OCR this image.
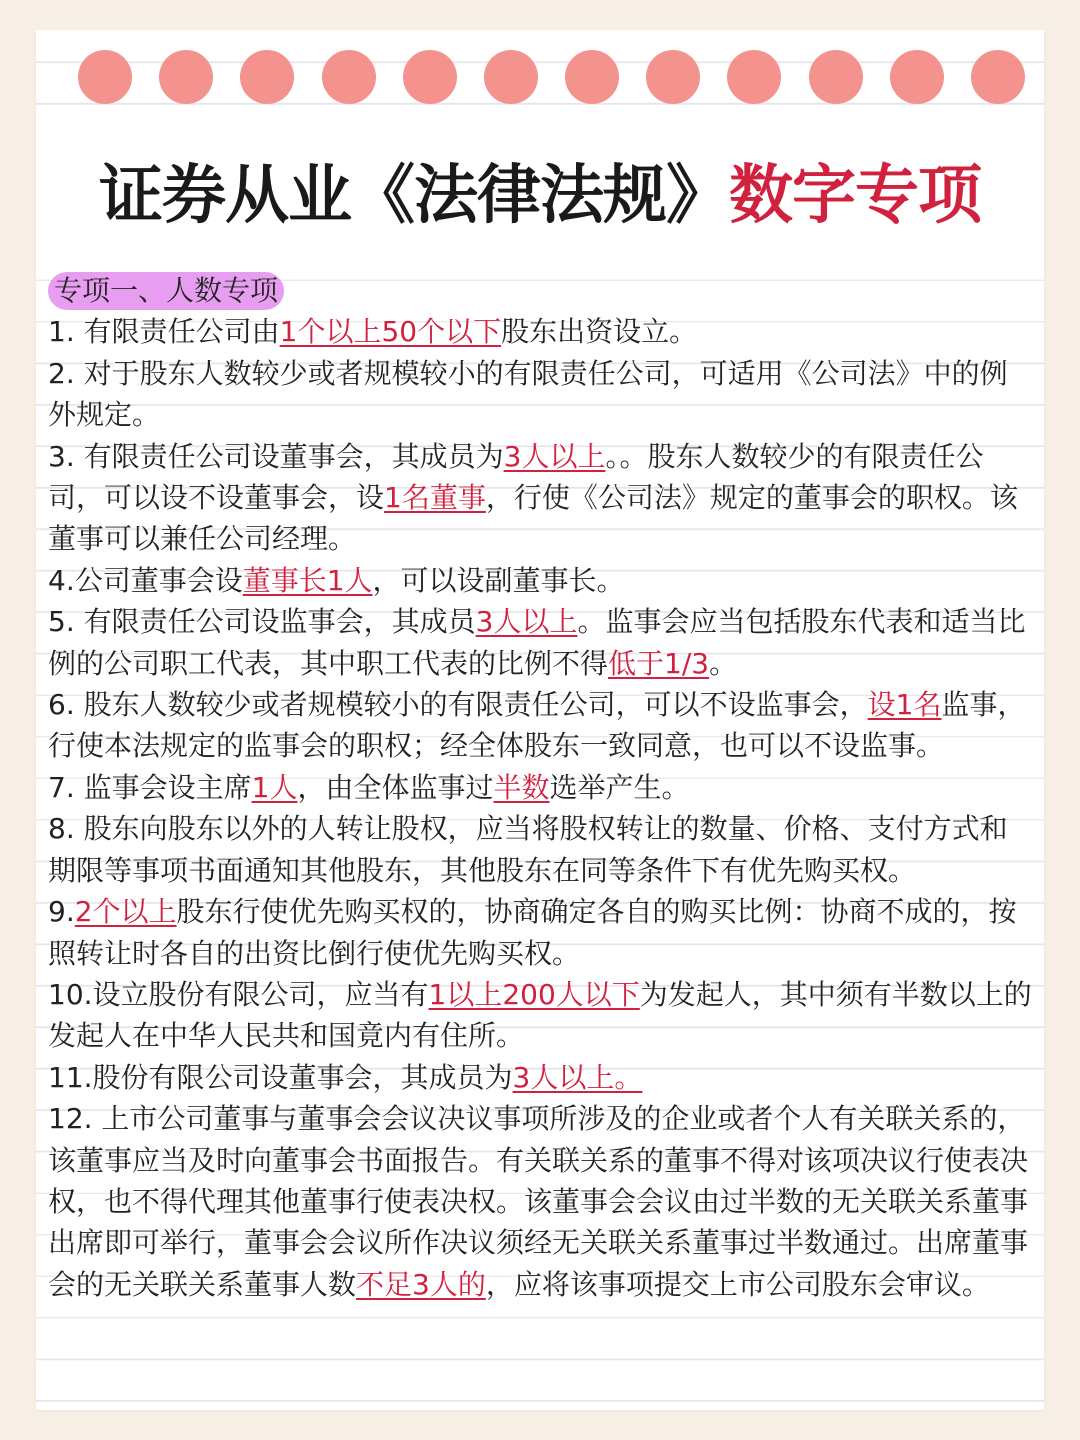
证券从业《法律法规》数字专项
专项一、人数专项

1. 有限责任公司由1个以上50个以下股东出资设立。

2. 对于股东人数较少或者规模较小的有限责任公司，可适用《公司法》中的例外规定。

3. 有限责任公司设董事会，其成员为3人以上。。股东人数较少的有限责任公司，可以设不设董事会，设1名董事，行使《公司法》规定的董事会的职权。该董事可以兼任公司经理。

4.公司董事会设董事长1人，可以设副董事长。

5. 有限责任公司设监事会，其成员3人以上。监事会应当包括股东代表和适当比例的公司职工代表，其中职工代表的比例不得低于1/3。

6. 股东人数较少或者规模较小的有限责任公司，可以不设监事会，设1名监事，行使本法规定的监事会的职权；经全体股东一致同意，也可以不设监事。

7. 监事会设主席1人，由全体监事过半数选举产生。

8. 股东向股东以外的人转让股权，应当将股权转让的数量、价格、支付方式和期限等事项书面通知其他股东，其他股东在同等条件下有优先购买权。

9.2个以上股东行使优先购买权的，协商确定各自的购买比例：协商不成的，按照转让时各自的出资比倒行使优先购买权。

10.设立股份有限公司，应当有1以上200人以下为发起人，其中须有半数以上的发起人在中华人民共和国竟内有住所。

11.股份有限公司设董事会，其成员为3人以上。

12. 上市公司董事与董事会会议决议事项所涉及的企业或者个人有关联关系的，该董事应当及时向董事会书面报告。有关联关系的董事不得对该项决议行使表决权，也不得代理其他董事行使表决权。该董事会会议由过半数的无关联关系董事出席即可举行，董事会会议所作决议须经无关联关系董事过半数通过。出席董事会的无关联关系董事人数不足3人的，应将该事项提交上市公司股东会审议。
